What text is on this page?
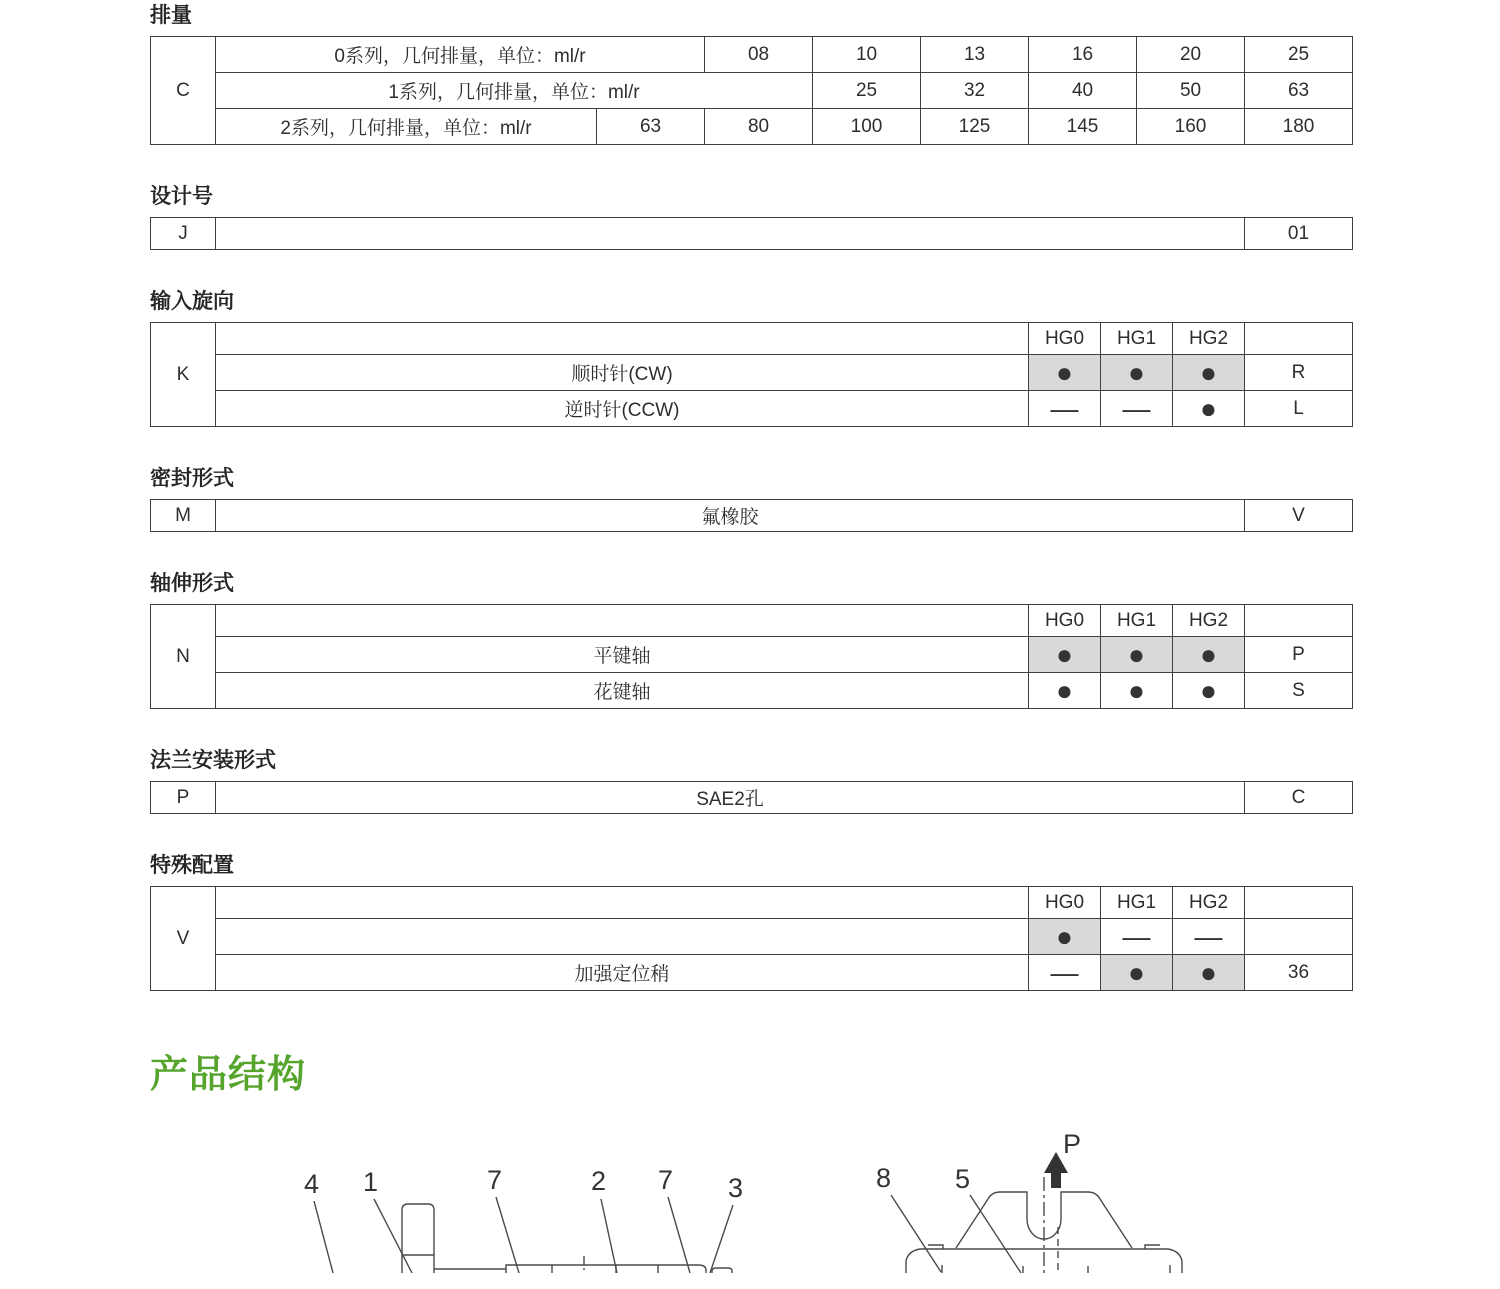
排量
C	0系列，几何排量，单位：ml/r		08	10	13	16	20	25
	1系列，几何排量，单位：ml/r			25	32	40	50	63
	2系列，几何排量，单位：ml/r	63	80	100	125	145	160	180
设计号
J		01
输入旋向
K		HG0	HG1	HG2	
	顺时针(CW)	●	●	●	R
	逆时针(CCW)	—	—	●	L
密封形式
M	氟橡胶	V
轴伸形式
N		HG0	HG1	HG2	
	平键轴	●	●	●	P
	花键轴	●	●	●	S
法兰安装形式
P	SAE2孔	C
特殊配置
V		HG0	HG1	HG2	
		●	—	—	
	加强定位稍	—	●	●	36
产品结构
4 1	7	2 7 3	8 5
P
